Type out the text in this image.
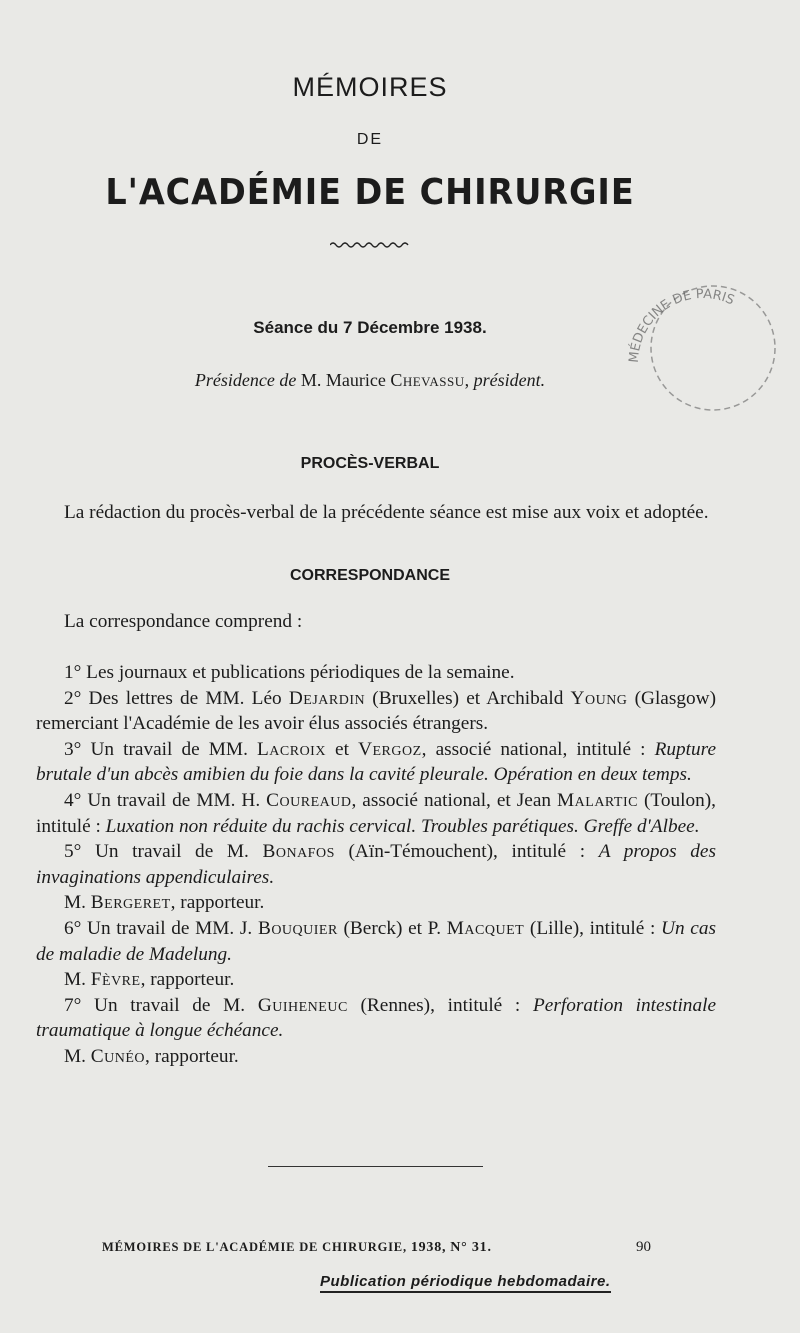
MÉMOIRES
DE
L'ACADÉMIE DE CHIRURGIE
Séance du 7 Décembre 1938.
Présidence de M. Maurice Chevassu, président.
MÉDECINE DE PARIS
PROCÈS-VERBAL

La rédaction du procès-verbal de la précédente séance est mise aux voix et adoptée.

CORRESPONDANCE

La correspondance comprend :

1° Les journaux et publications périodiques de la semaine.

2° Des lettres de MM. Léo Dejardin (Bruxelles) et Archibald Young (Glasgow) remerciant l'Académie de les avoir élus associés étrangers.

3° Un travail de MM. Lacroix et Vergoz, associé national, intitulé : Rupture brutale d'un abcès amibien du foie dans la cavité pleurale. Opération en deux temps.

4° Un travail de MM. H. Coureaud, associé national, et Jean Malartic (Toulon), intitulé : Luxation non réduite du rachis cervical. Troubles parétiques. Greffe d'Albee.

5° Un travail de M. Bonafos (Aïn-Témouchent), intitulé : A propos des invaginations appendiculaires.

M. Bergeret, rapporteur.

6° Un travail de MM. J. Bouquier (Berck) et P. Macquet (Lille), intitulé : Un cas de maladie de Madelung.

M. Fèvre, rapporteur.

7° Un travail de M. Guiheneuc (Rennes), intitulé : Perforation intestinale traumatique à longue échéance.

M. Cunéo, rapporteur.

MÉMOIRES DE L'ACADÉMIE DE CHIRURGIE, 1938, N° 31.	90
Publication périodique hebdomadaire.
